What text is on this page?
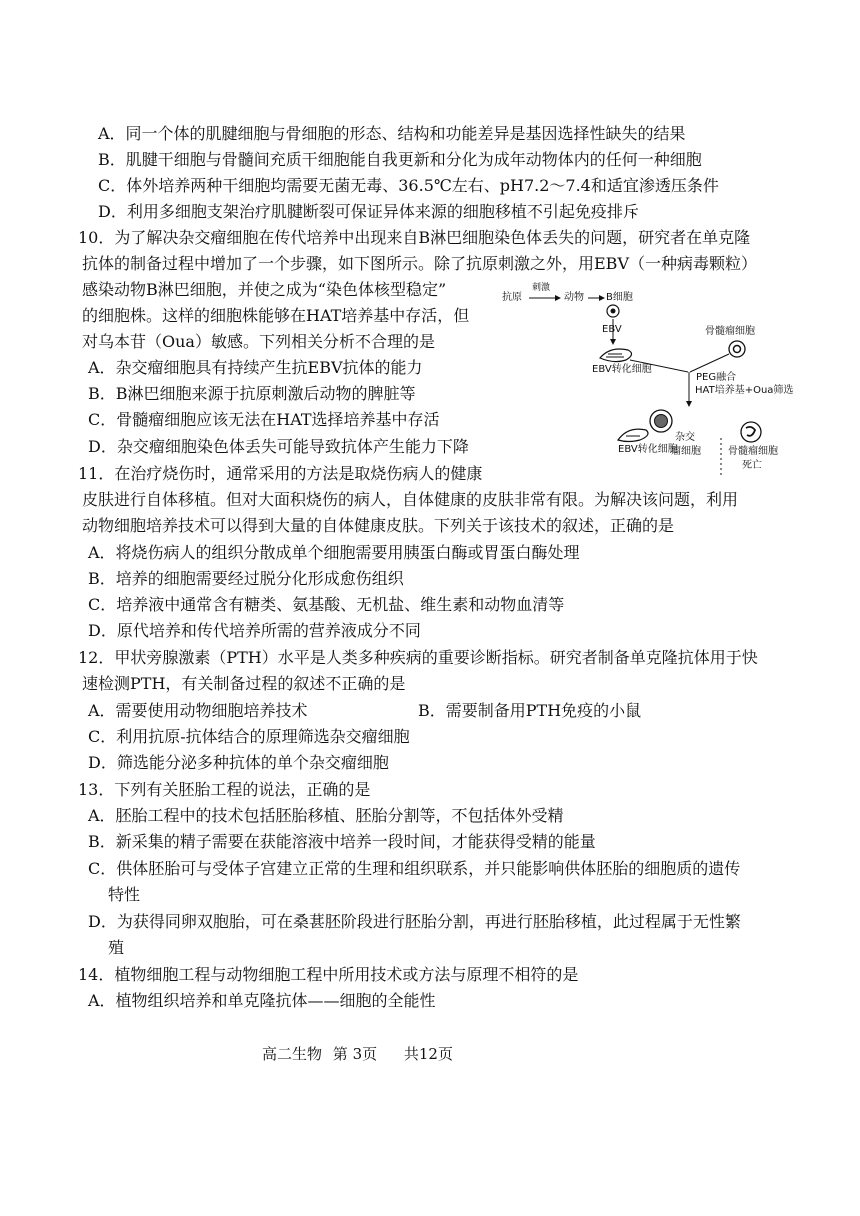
A．同一个体的肌腱细胞与骨细胞的形态、结构和功能差异是基因选择性缺失的结果
B．肌腱干细胞与骨髓间充质干细胞能自我更新和分化为成年动物体内的任何一种细胞
C．体外培养两种干细胞均需要无菌无毒、36.5℃左右、pH7.2～7.4和适宜渗透压条件
D．利用多细胞支架治疗肌腱断裂可保证异体来源的细胞移植不引起免疫排斥
10．为了解决杂交瘤细胞在传代培养中出现来自B淋巴细胞染色体丢失的问题，研究者在单克隆
抗体的制备过程中增加了一个步骤，如下图所示。除了抗原刺激之外，用EBV（一种病毒颗粒）
感染动物B淋巴细胞，并使之成为“染色体核型稳定”
的细胞株。这样的细胞株能够在HAT培养基中存活，但
对乌本苷（Oua）敏感。下列相关分析不合理的是
A．杂交瘤细胞具有持续产生抗EBV抗体的能力
B．B淋巴细胞来源于抗原刺激后动物的脾脏等
C．骨髓瘤细胞应该无法在HAT选择培养基中存活
D．杂交瘤细胞染色体丢失可能导致抗体产生能力下降
抗原
刺激
动物 B细胞
EBV	骨髓瘤细胞
EBV转化细胞
PEG融合
HAT培养基+Oua筛选
EBV转化细胞
杂交
瘤细胞	骨髓瘤细胞
死亡
11．在治疗烧伤时，通常采用的方法是取烧伤病人的健康
皮肤进行自体移植。但对大面积烧伤的病人，自体健康的皮肤非常有限。为解决该问题，利用
动物细胞培养技术可以得到大量的自体健康皮肤。下列关于该技术的叙述，正确的是
A．将烧伤病人的组织分散成单个细胞需要用胰蛋白酶或胃蛋白酶处理
B．培养的细胞需要经过脱分化形成愈伤组织
C．培养液中通常含有糖类、氨基酸、无机盐、维生素和动物血清等
D．原代培养和传代培养所需的营养液成分不同
12．甲状旁腺激素（PTH）水平是人类多种疾病的重要诊断指标。研究者制备单克隆抗体用于快
速检测PTH，有关制备过程的叙述不正确的是
A．需要使用动物细胞培养技术	B．需要制备用PTH免疫的小鼠
C．利用抗原-抗体结合的原理筛选杂交瘤细胞
D．筛选能分泌多种抗体的单个杂交瘤细胞
13．下列有关胚胎工程的说法，正确的是
A．胚胎工程中的技术包括胚胎移植、胚胎分割等，不包括体外受精
B．新采集的精子需要在获能溶液中培养一段时间，才能获得受精的能量
C．供体胚胎可与受体子宫建立正常的生理和组织联系，并只能影响供体胚胎的细胞质的遗传
特性
D．为获得同卵双胞胎，可在桑葚胚阶段进行胚胎分割，再进行胚胎移植，此过程属于无性繁
殖
14．植物细胞工程与动物细胞工程中所用技术或方法与原理不相符的是
A．植物组织培养和单克隆抗体——细胞的全能性
高二生物 第 3页 共12页
